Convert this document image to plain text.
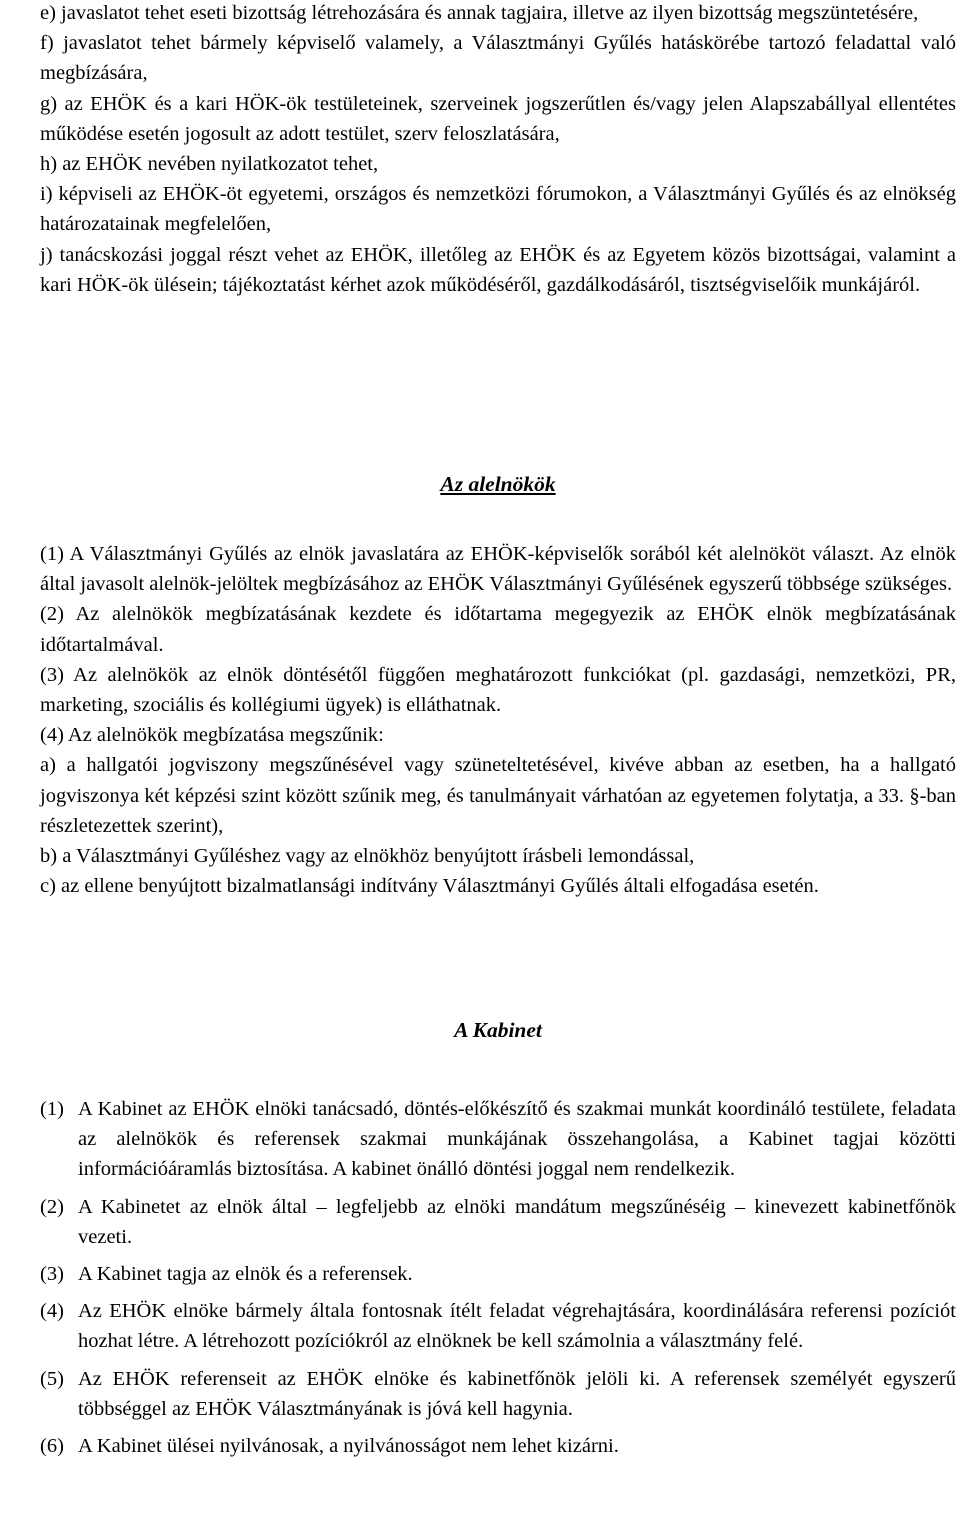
e) javaslatot tehet eseti bizottság létrehozására és annak tagjaira, illetve az ilyen bizottság megszüntetésére,

f) javaslatot tehet bármely képviselő valamely, a Választmányi Gyűlés hatáskörébe tartozó feladattal való megbízására,

g) az EHÖK és a kari HÖK-ök testületeinek, szerveinek jogszerűtlen és/vagy jelen Alapszabállyal ellentétes működése esetén jogosult az adott testület, szerv feloszlatására,

h) az EHÖK nevében nyilatkozatot tehet,

i) képviseli az EHÖK-öt egyetemi, országos és nemzetközi fórumokon, a Választmányi Gyűlés és az elnökség határozatainak megfelelően,

j) tanácskozási joggal részt vehet az EHÖK, illetőleg az EHÖK és az Egyetem közös bizottságai, valamint a kari HÖK-ök ülésein; tájékoztatást kérhet azok működéséről, gazdálkodásáról, tisztségviselőik munkájáról.

Az alelnökök

(1) A Választmányi Gyűlés az elnök javaslatára az EHÖK-képviselők sorából két alelnököt választ. Az elnök által javasolt alelnök-jelöltek megbízásához az EHÖK Választmányi Gyűlésének egyszerű többsége szükséges.

(2) Az alelnökök megbízatásának kezdete és időtartama megegyezik az EHÖK elnök megbízatásának időtartalmával.

(3) Az alelnökök az elnök döntésétől függően meghatározott funkciókat (pl. gazdasági, nemzetközi, PR, marketing, szociális és kollégiumi ügyek) is elláthatnak.

(4) Az alelnökök megbízatása megszűnik:

a) a hallgatói jogviszony megszűnésével vagy szüneteltetésével, kivéve abban az esetben, ha a hallgató jogviszonya két képzési szint között szűnik meg, és tanulmányait várhatóan az egyetemen folytatja, a 33. §-ban részletezettek szerint),

b) a Választmányi Gyűléshez vagy az elnökhöz benyújtott írásbeli lemondással,

c) az ellene benyújtott bizalmatlansági indítvány Választmányi Gyűlés általi elfogadása esetén.

A Kabinet

(1) A Kabinet az EHÖK elnöki tanácsadó, döntés-előkészítő és szakmai munkát koordináló testülete, feladata az alelnökök és referensek szakmai munkájának összehangolása, a Kabinet tagjai közötti információáramlás biztosítása. A kabinet önálló döntési joggal nem rendelkezik.

(2) A Kabinetet az elnök által – legfeljebb az elnöki mandátum megszűnéséig – kinevezett kabinetfőnök vezeti.

(3) A Kabinet tagja az elnök és a referensek.

(4) Az EHÖK elnöke bármely általa fontosnak ítélt feladat végrehajtására, koordinálására referensi pozíciót hozhat létre. A létrehozott pozíciókról az elnöknek be kell számolnia a választmány felé.

(5) Az EHÖK referenseit az EHÖK elnöke és kabinetfőnök jelöli ki. A referensek személyét egyszerű többséggel az EHÖK Választmányának is jóvá kell hagynia.

(6) A Kabinet ülései nyilvánosak, a nyilvánosságot nem lehet kizárni.
